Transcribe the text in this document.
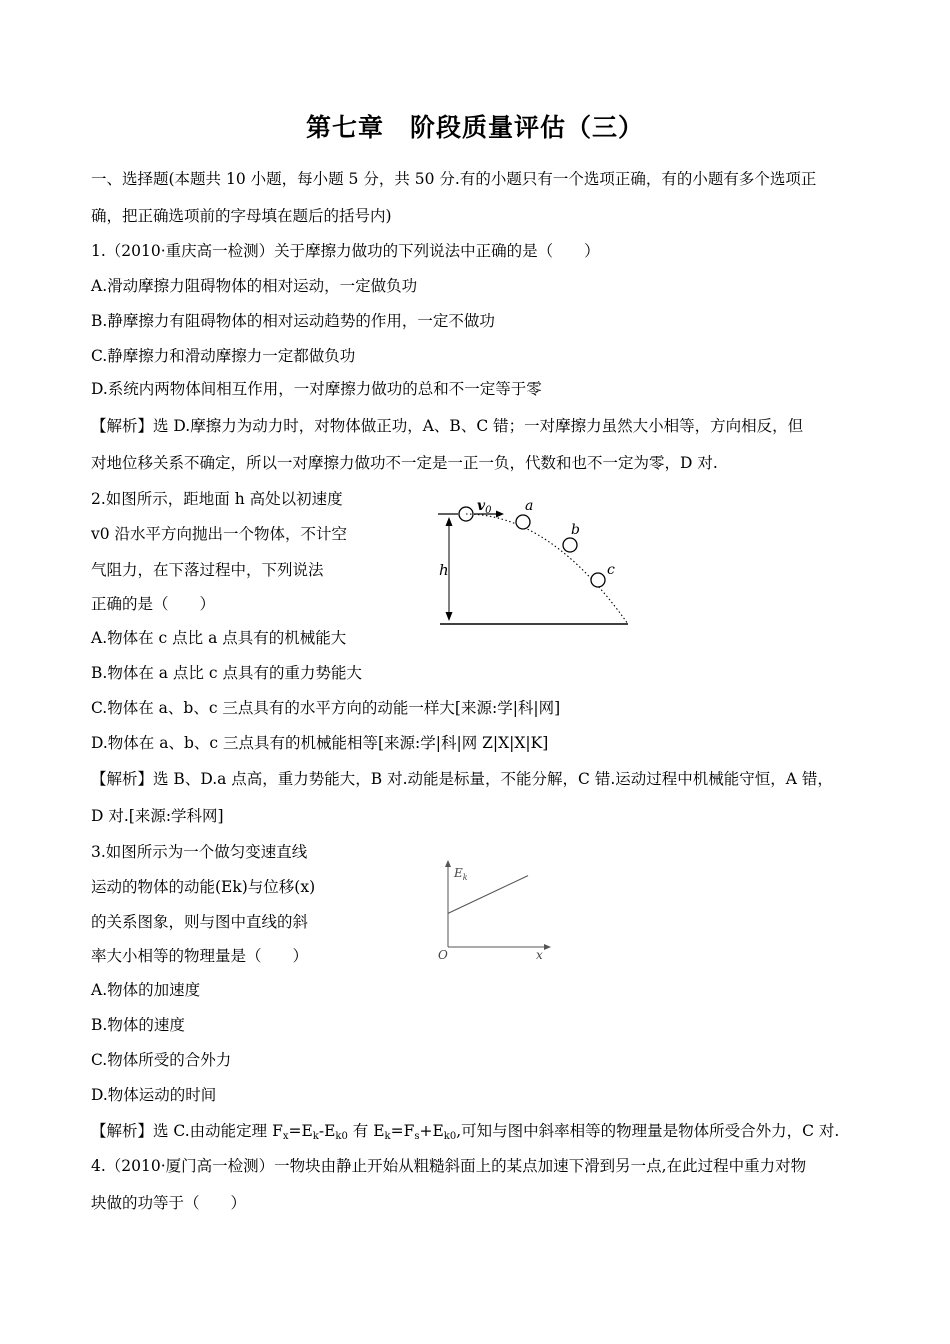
第七章　阶段质量评估（三）
一、选择题(本题共 10 小题，每小题 5 分，共 50 分.有的小题只有一个选项正确，有的小题有多个选项正
确，把正确选项前的字母填在题后的括号内)
1.（2010·重庆高一检测）关于摩擦力做功的下列说法中正确的是（　　）
A.滑动摩擦力阻碍物体的相对运动，一定做负功
B.静摩擦力有阻碍物体的相对运动趋势的作用，一定不做功
C.静摩擦力和滑动摩擦力一定都做负功
D.系统内两物体间相互作用，一对摩擦力做功的总和不一定等于零
【解析】选 D.摩擦力为动力时，对物体做正功，A、B、C 错；一对摩擦力虽然大小相等，方向相反，但
对地位移关系不确定，所以一对摩擦力做功不一定是一正一负，代数和也不一定为零，D 对.
2.如图所示，距地面 h 高处以初速度
v0 沿水平方向抛出一个物体，不计空
气阻力，在下落过程中，下列说法
正确的是（　　）
h
$v_0$ a
b
c
A.物体在 c 点比 a 点具有的机械能大
B.物体在 a 点比 c 点具有的重力势能大
C.物体在 a、b、c 三点具有的水平方向的动能一样大[来源:学|科|网]
D.物体在 a、b、c 三点具有的机械能相等[来源:学|科|网 Z|X|X|K]
【解析】选 B、D.a 点高，重力势能大，B 对.动能是标量，不能分解，C 错.运动过程中机械能守恒，A 错，
D 对.[来源:学科网]
3.如图所示为一个做匀变速直线
运动的物体的动能(Ek)与位移(x)
的关系图象，则与图中直线的斜
率大小相等的物理量是（　　）
$E_k$
x
O
A.物体的加速度
B.物体的速度
C.物体所受的合外力
D.物体运动的时间
【解析】选 C.由动能定理 $F_x=E_k-E_{k0}$ 有 $E_k=F_s+E_{k0}$,可知与图中斜率相等的物理量是物体所受合外力，C 对.
4.（2010·厦门高一检测）一物块由静止开始从粗糙斜面上的某点加速下滑到另一点,在此过程中重力对物
块做的功等于（　　）
